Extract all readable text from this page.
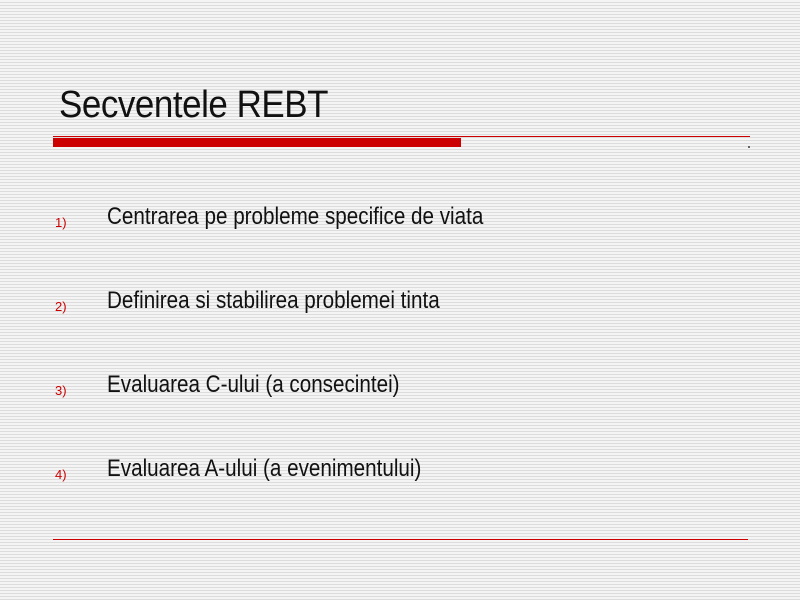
Secventele REBT
1) Centrarea pe probleme specifice de viata
2) Definirea si stabilirea problemei tinta
3) Evaluarea C-ului (a consecintei)
4) Evaluarea A-ului (a evenimentului)
